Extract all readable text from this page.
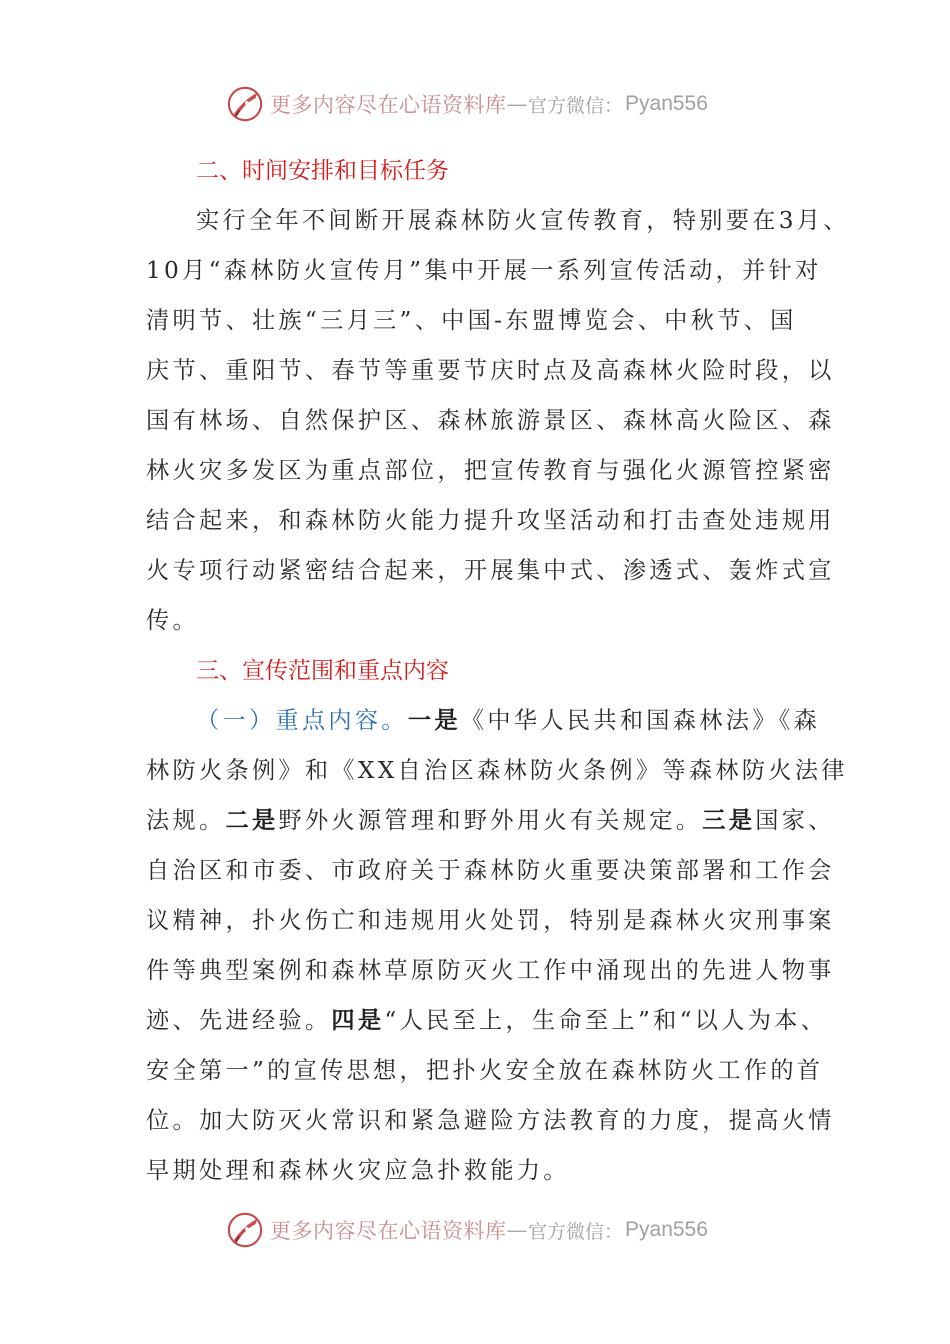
更多内容尽在心语资料库 — 官方微信： Pyan556
二、时间安排和目标任务
实行全年不间断开展森林防火宣传教育，特别要在3月、
10月“森林防火宣传月”集中开展一系列宣传活动，并针对
清明节、壮族“三月三”、中国-东盟博览会、中秋节、国
庆节、重阳节、春节等重要节庆时点及高森林火险时段，以
国有林场、自然保护区、森林旅游景区、森林高火险区、森
林火灾多发区为重点部位，把宣传教育与强化火源管控紧密
结合起来，和森林防火能力提升攻坚活动和打击查处违规用
火专项行动紧密结合起来，开展集中式、渗透式、轰炸式宣
传。
三、宣传范围和重点内容
（一）重点内容。一是《中华人民共和国森林法》《森
林防火条例》和《XX自治区森林防火条例》等森林防火法律
法规。二是野外火源管理和野外用火有关规定。三是国家、
自治区和市委、市政府关于森林防火重要决策部署和工作会
议精神，扑火伤亡和违规用火处罚，特别是森林火灾刑事案
件等典型案例和森林草原防灭火工作中涌现出的先进人物事
迹、先进经验。四是“人民至上，生命至上”和“以人为本、
安全第一”的宣传思想，把扑火安全放在森林防火工作的首
位。加大防灭火常识和紧急避险方法教育的力度，提高火情
早期处理和森林火灾应急扑救能力。
更多内容尽在心语资料库 — 官方微信： Pyan556
